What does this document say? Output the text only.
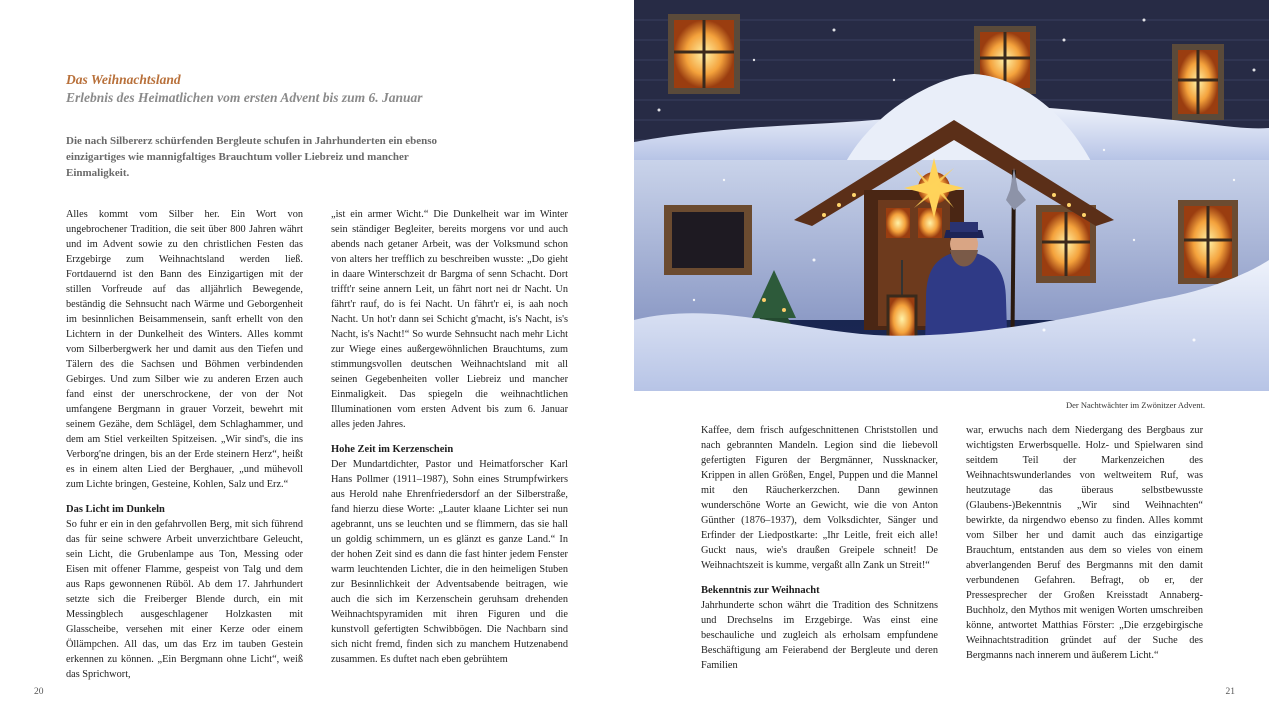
Das Weihnachtsland
Erlebnis des Heimatlichen vom ersten Advent bis zum 6. Januar
Die nach Silbererz schürfenden Bergleute schufen in Jahrhunderten ein ebenso einzigartiges wie mannigfaltiges Brauchtum voller Liebreiz und mancher Einmaligkeit.

Alles kommt vom Silber her. Ein Wort von ungebrochener Tradition, die seit über 800 Jahren währt und im Advent sowie zu den christlichen Festen das Erzgebirge zum Weihnachtsland werden ließ. Fortdauernd ist den Bann des Einzigartigen mit der stillen Vorfreude auf das alljährlich Bewegende, beständig die Sehnsucht nach Wärme und Geborgenheit im besinnlichen Beisammensein, sanft erhellt von den Lichtern in der Dunkelheit des Winters. Alles kommt vom Silberbergwerk her und damit aus den Tiefen und Tälern des die Sachsen und Böhmen verbindenden Gebirges. Und zum Silber wie zu anderen Erzen auch fand einst der unerschrockene, der von der Not umfangene Bergmann in grauer Vorzeit, bewehrt mit seinem Gezähe, dem Schlägel, dem Schlaghammer, und dem am Stiel verkeilten Spitzeisen. „Wir sind's, die ins Verborg'ne dringen, bis an der Erde steinern Herz“, heißt es in einem alten Lied der Berghauer, „und mühevoll zum Lichte bringen, Gesteine, Kohlen, Salz und Erz.“

Das Licht im Dunkeln

So fuhr er ein in den gefahrvollen Berg, mit sich führend das für seine schwere Arbeit unverzichtbare Geleucht, sein Licht, die Grubenlampe aus Ton, Messing oder Eisen mit offener Flamme, gespeist von Talg und dem aus Raps gewonnenen Rüböl. Ab dem 17. Jahrhundert setzte sich die Freiberger Blende durch, ein mit Messingblech ausgeschlagener Holzkasten mit Glasscheibe, versehen mit einer Kerze oder einem Öllämpchen. All das, um das Erz im tauben Gestein erkennen zu können. „Ein Bergmann ohne Licht“, weiß das Sprichwort,

„ist ein armer Wicht.“ Die Dunkelheit war im Winter sein ständiger Begleiter, bereits morgens vor und auch abends nach getaner Arbeit, was der Volksmund schon von alters her trefflich zu beschreiben wusste: „Do gieht in daare Winterschzeit dr Bargma of senn Schacht. Dort trifft'r seine annern Leit, un fährt nort nei dr Nacht. Un fährt'r rauf, do is fei Nacht. Un fährt'r ei, is aah noch Nacht. Un hot'r dann sei Schicht g'macht, is's Nacht, is's Nacht, is's Nacht!“ So wurde Sehnsucht nach mehr Licht zur Wiege eines außergewöhnlichen Brauchtums, zum stimmungsvollen deutschen Weihnachtsland mit all seinen Gegebenheiten voller Liebreiz und mancher Einmaligkeit. Das spiegeln die weihnachtlichen Illuminationen vom ersten Advent bis zum 6. Januar alles jeden Jahres.

Hohe Zeit im Kerzenschein

Der Mundartdichter, Pastor und Heimatforscher Karl Hans Pollmer (1911–1987), Sohn eines Strumpfwirkers aus Herold nahe Ehrenfriedersdorf an der Silberstraße, fand hierzu diese Worte: „Lauter klaane Lichter sei nun agebrannt, uns se leuchten und se flimmern, das sie hall un goldig schimmern, un es glänzt es ganze Land.“ In der hohen Zeit sind es dann die fast hinter jedem Fenster warm leuchtenden Lichter, die in den heimeligen Stuben zur Besinnlichkeit der Adventsabende beitragen, wie auch die sich im Kerzenschein geruhsam drehenden Weihnachtspyramiden mit ihren Figuren und die kunstvoll gefertigten Schwibbögen. Die Nachbarn sind sich nicht fremd, finden sich zu manchem Hutzenabend zusammen. Es duftet nach eben gebrühtem

20
Der Nachtwächter im Zwönitzer Advent.

Kaffee, dem frisch aufgeschnittenen Christstollen und nach gebrannten Mandeln. Legion sind die liebevoll gefertigten Figuren der Bergmänner, Nussknacker, Krippen in allen Größen, Engel, Puppen und die Mannel mit den Räucherkerzchen. Dann gewinnen wunderschöne Worte an Gewicht, wie die von Anton Günther (1876–1937), dem Volksdichter, Sänger und Erfinder der Liedpostkarte: „Ihr Leitle, freit eich alle! Guckt naus, wie's draußen Greipele schneit! De Weihnachtszeit is kumme, vergaßt alln Zank un Streit!“

Bekenntnis zur Weihnacht

Jahrhunderte schon währt die Tradition des Schnitzens und Drechselns im Erzgebirge. Was einst eine beschauliche und zugleich als erholsam empfundene Beschäftigung am Feierabend der Bergleute und deren Familien

war, erwuchs nach dem Niedergang des Bergbaus zur wichtigsten Erwerbsquelle. Holz- und Spielwaren sind seitdem Teil der Markenzeichen des Weihnachtswunderlandes von weltweitem Ruf, was heutzutage das überaus selbstbewusste (Glaubens-)Bekenntnis „Wir sind Weihnachten“ bewirkte, da nirgendwo ebenso zu finden. Alles kommt vom Silber her und damit auch das einzigartige Brauchtum, entstanden aus dem so vieles von einem abverlangenden Beruf des Bergmanns mit den damit verbundenen Gefahren. Befragt, ob er, der Pressesprecher der Großen Kreisstadt Annaberg-Buchholz, den Mythos mit wenigen Worten umschreiben könne, antwortet Matthias Förster: „Die erzgebirgische Weihnachtstradition gründet auf der Suche des Bergmanns nach innerem und äußerem Licht.“

21
